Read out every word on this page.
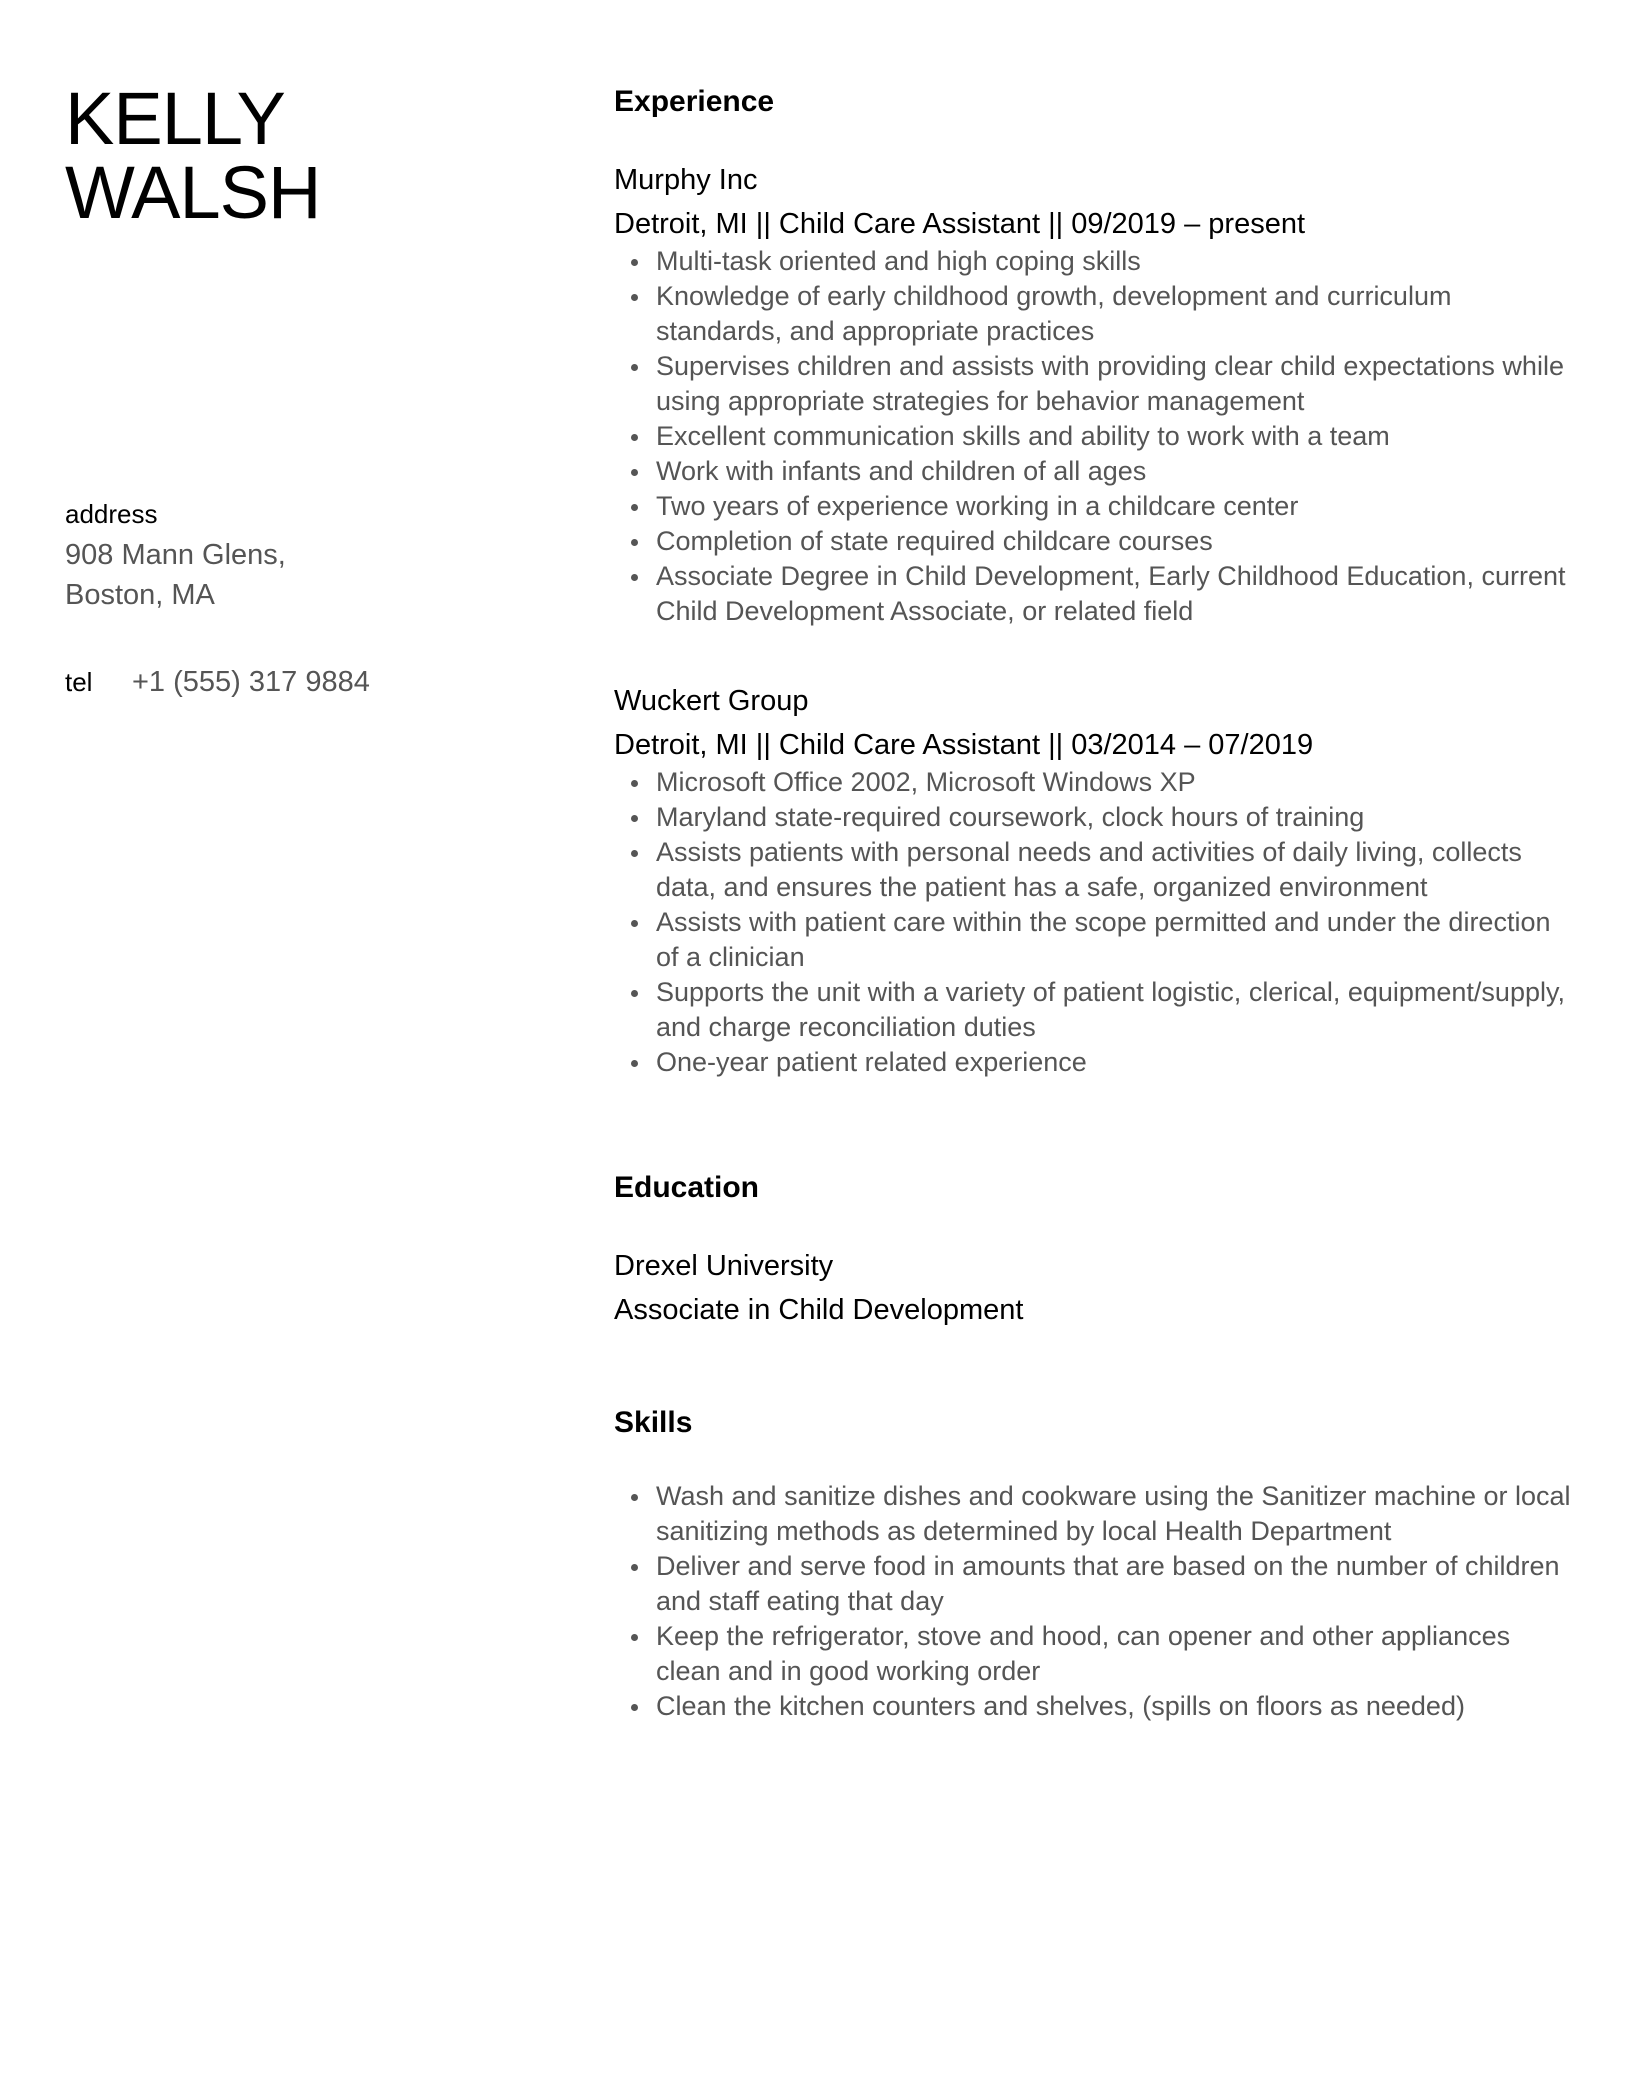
KELLY
WALSH
address
908 Mann Glens,
Boston, MA
tel	+1 (555) 317 9884
Experience
Murphy Inc
Detroit, MI || Child Care Assistant || 09/2019 – present
Multi-task oriented and high coping skills
Knowledge of early childhood growth, development and curriculum standards, and appropriate practices
Supervises children and assists with providing clear child expectations while using appropriate strategies for behavior management
Excellent communication skills and ability to work with a team
Work with infants and children of all ages
Two years of experience working in a childcare center
Completion of state required childcare courses
Associate Degree in Child Development, Early Childhood Education, current Child Development Associate, or related field
Wuckert Group
Detroit, MI || Child Care Assistant || 03/2014 – 07/2019
Microsoft Office 2002, Microsoft Windows XP
Maryland state-required coursework, clock hours of training
Assists patients with personal needs and activities of daily living, collects data, and ensures the patient has a safe, organized environment
Assists with patient care within the scope permitted and under the direction of a clinician
Supports the unit with a variety of patient logistic, clerical, equipment/supply, and charge reconciliation duties
One-year patient related experience
Education
Drexel University
Associate in Child Development
Skills
Wash and sanitize dishes and cookware using the Sanitizer machine or local sanitizing methods as determined by local Health Department
Deliver and serve food in amounts that are based on the number of children and staff eating that day
Keep the refrigerator, stove and hood, can opener and other appliances clean and in good working order
Clean the kitchen counters and shelves, (spills on floors as needed)
